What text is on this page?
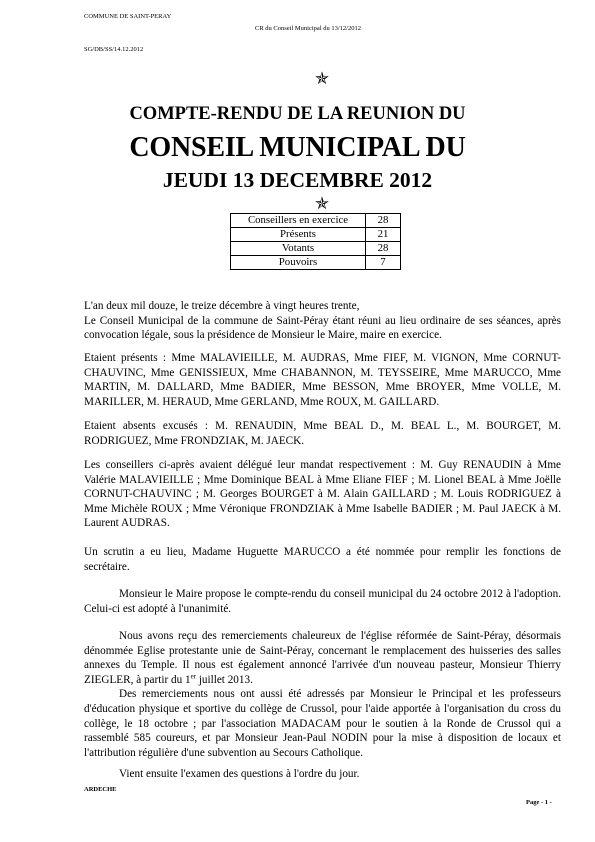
COMMUNE DE SAINT-PERAY

CR du Conseil Municipal du 13/12/2012

SG/DB/SS/14.12.2012

✯
COMPTE-RENDU DE LA REUNION DU
CONSEIL MUNICIPAL DU
JEUDI 13 DECEMBRE 2012
✯
Conseillers en exercice	28
Présents	21
Votants	28
Pouvoirs	7

L'an deux mil douze, le treize décembre à vingt heures trente,

Le Conseil Municipal de la commune de Saint-Péray étant réuni au lieu ordinaire de ses séances, après convocation légale, sous la présidence de Monsieur le Maire, maire en exercice.

Etaient présents : Mme MALAVIEILLE, M. AUDRAS, Mme FIEF, M. VIGNON, Mme CORNUT-CHAUVINC, Mme GENISSIEUX, Mme CHABANNON, M. TEYSSEIRE, Mme MARUCCO, Mme MARTIN, M. DALLARD, Mme BADIER, Mme BESSON, Mme BROYER, Mme VOLLE, M. MARILLER, M. HERAUD, Mme GERLAND, Mme ROUX, M. GAILLARD.

Etaient absents excusés : M. RENAUDIN, Mme BEAL D., M. BEAL L., M. BOURGET, M. RODRIGUEZ, Mme FRONDZIAK, M. JAECK.

Les conseillers ci-après avaient délégué leur mandat respectivement : M. Guy RENAUDIN à Mme Valérie MALAVIEILLE ; Mme Dominique BEAL à Mme Eliane FIEF ; M. Lionel BEAL à Mme Joëlle CORNUT-CHAUVINC ; M. Georges BOURGET à M. Alain GAILLARD ; M. Louis RODRIGUEZ à Mme Michèle ROUX ; Mme Véronique FRONDZIAK à Mme Isabelle BADIER ; M. Paul JAECK à M. Laurent AUDRAS.

Un scrutin a eu lieu, Madame Huguette MARUCCO a été nommée pour remplir les fonctions de secrétaire.

Monsieur le Maire propose le compte-rendu du conseil municipal du 24 octobre 2012 à l'adoption. Celui-ci est adopté à l'unanimité.

Nous avons reçu des remerciements chaleureux de l'église réformée de Saint-Péray, désormais dénommée Eglise protestante unie de Saint-Péray, concernant le remplacement des huisseries des salles annexes du Temple. Il nous est également annoncé l'arrivée d'un nouveau pasteur, Monsieur Thierry ZIEGLER, à partir du 1er juillet 2013.

Des remerciements nous ont aussi été adressés par Monsieur le Principal et les professeurs d'éducation physique et sportive du collège de Crussol, pour l'aide apportée à l'organisation du cross du collège, le 18 octobre ; par l'association MADACAM pour le soutien à la Ronde de Crussol qui a rassemblé 585 coureurs, et par Monsieur Jean-Paul NODIN pour la mise à disposition de locaux et l'attribution régulière d'une subvention au Secours Catholique.

Vient ensuite l'examen des questions à l'ordre du jour.

ARDECHE

Page - 1 -
